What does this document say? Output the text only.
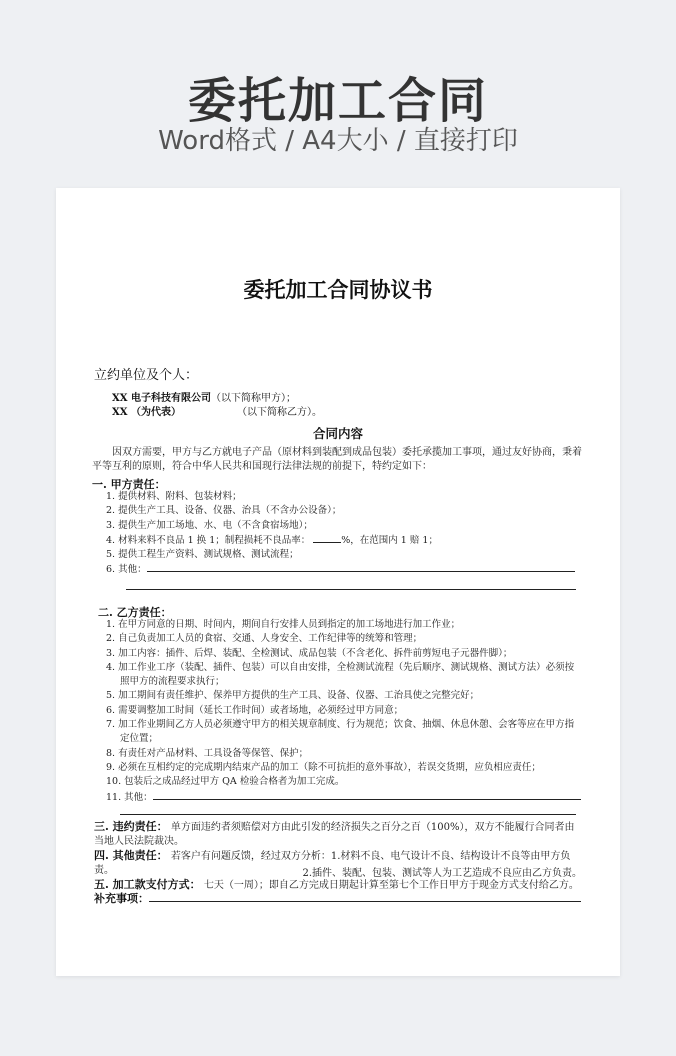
委托加工合同
Word格式 / A4大小 / 直接打印
委托加工合同协议书
立约单位及个人：
XX 电子科技有限公司（以下简称甲方）；
XX （为代表）	（以下简称乙方）。
合同内容
因双方需要，甲方与乙方就电子产品（原材料到装配到成品包装）委托承揽加工事项，通过友好协商，秉着平等互利的原则，符合中华人民共和国现行法律法规的前提下，特约定如下：
一. 甲方责任：
1. 提供材料、附料、包装材料；
2. 提供生产工具、设备、仪器、治具（不含办公设备）；
3. 提供生产加工场地、水、电（不含食宿场地）；
4. 材料来料不良品 1 换 1；制程损耗不良品率：	%，在范围内 1 赔 1；
5. 提供工程生产资料、测试规格、测试流程；
6. 其他：
二. 乙方责任：
1. 在甲方同意的日期、时间内，期间自行安排人员到指定的加工场地进行加工作业；
2. 自己负责加工人员的食宿、交通、人身安全、工作纪律等的统筹和管理；
3. 加工内容：插件、后焊、装配、全检测试、成品包装（不含老化、拆件前剪短电子元器件脚）；
4. 加工作业工序（装配、插件、包装）可以自由安排，全检测试流程（先后顺序、测试规格、测试方法）必须按
照甲方的流程要求执行；
5. 加工期间有责任维护、保养甲方提供的生产工具、设备、仪器、工治具使之完整完好；
6. 需要调整加工时间（延长工作时间）或者场地，必须经过甲方同意；
7. 加工作业期间乙方人员必须遵守甲方的相关规章制度、行为规范；饮食、抽烟、休息休憩、会客等应在甲方指
定位置；
8. 有责任对产品材料、工具设备等保管、保护；
9. 必须在互相约定的完成期内结束产品的加工（除不可抗拒的意外事故），若误交货期，应负相应责任；
10. 包装后之成品经过甲方 QA 检验合格者为加工完成。
11. 其他：
三. 违约责任： 单方面违约者须赔偿对方由此引发的经济损失之百分之百（100%），双方不能履行合同者由当地人民法院裁决。
四. 其他责任： 若客户有问题反馈，经过双方分析：1.材料不良、电气设计不良、结构设计不良等由甲方负责。	2.插件、装配、包装、测试等人为工艺造成不良应由乙方负责。
五. 加工款支付方式： 七天（一周）；即自乙方完成日期起计算至第七个工作日甲方于现金方式支付给乙方。
补充事项：
